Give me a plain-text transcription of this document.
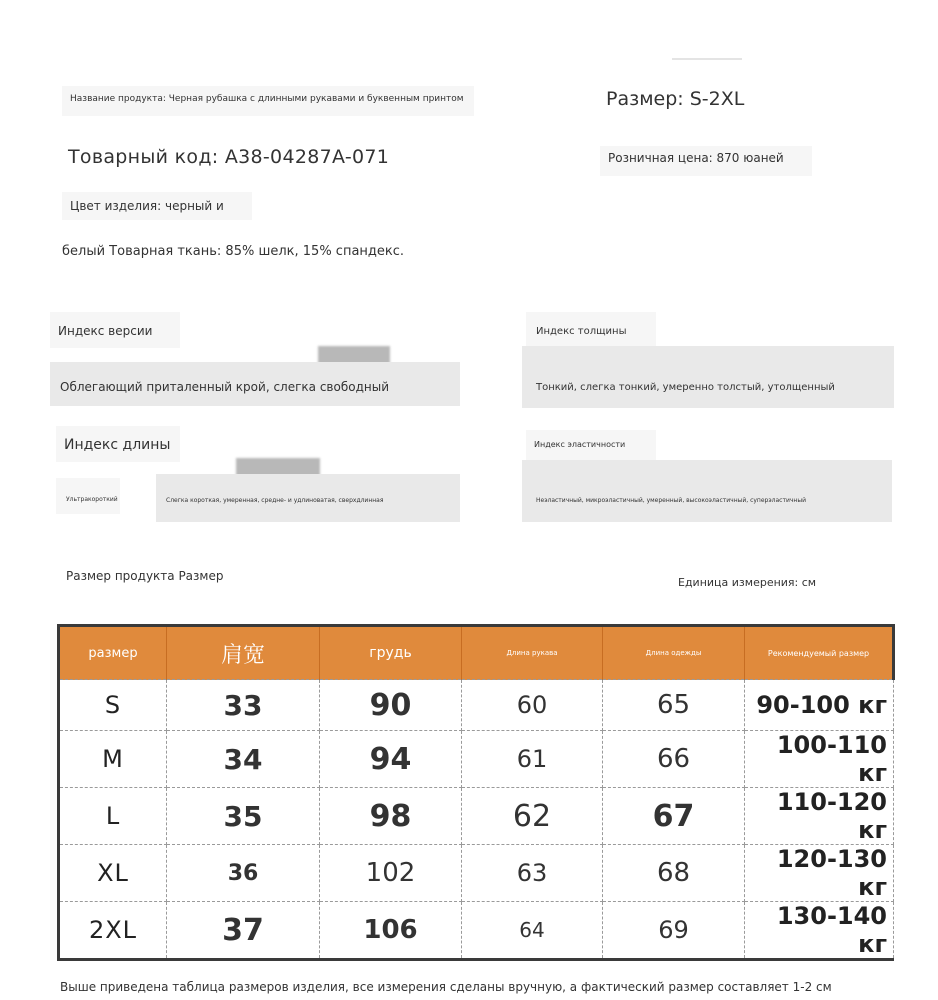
Название продукта: Черная рубашка с длинными рукавами и буквенным принтом	Размер: S-2XL
Товарный код: A38-04287A-071	Розничная цена: 870 юаней
Цвет изделия: черный и
белый Товарная ткань: 85% шелк, 15% спандекс.
Индекс версии
Облегающий приталенный крой, слегка свободный
Индекс толщины
Тонкий, слегка тонкий, умеренно толстый, утолщенный
Индекс длины
Ультракороткий	Слегка короткая, умеренная, средне- и удлиноватая, сверхдлинная
Индекс эластичности
Неэластичный, микроэластичный, умеренный, высокоэластичный, суперэластичный
Размер продукта Размер	Единица измерения: см
размер	肩宽	грудь	Длина рукава	Длина одежды	Рекомендуемый размер
S	33	90	60	65	90-100 кг
M	34	94	61	66	100-110 кг
L	35	98	62	67	110-120 кг
XL	36	102	63	68	120-130 кг
2XL	37	106	64	69	130-140 кг
Выше приведена таблица размеров изделия, все измерения сделаны вручную, а фактический размер составляет 1-2 см
